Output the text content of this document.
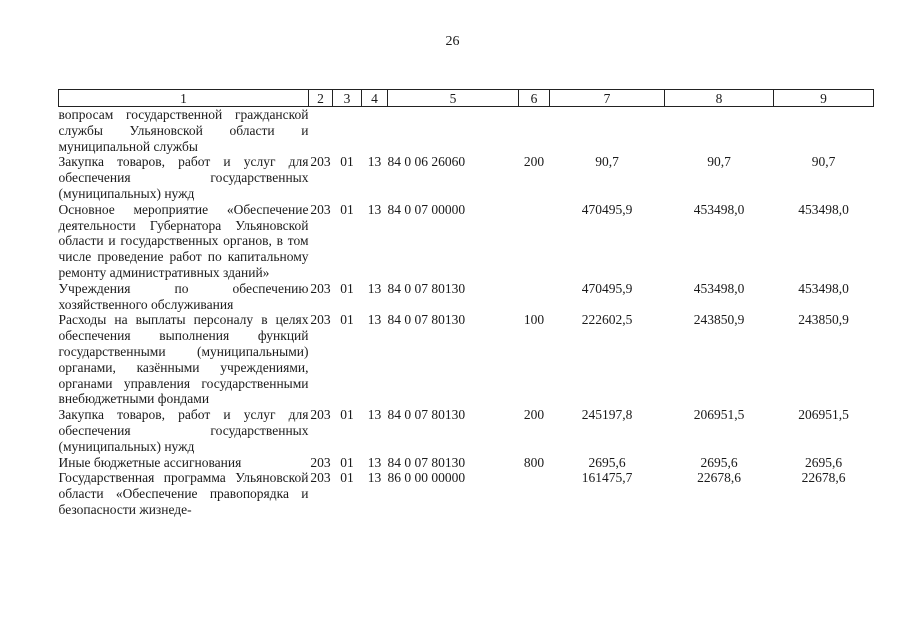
26
1	2	3	4	5	6	7	8	9
вопросам государственной гражданской службы Ульяновской области и муниципальной службы								
Закупка товаров, работ и услуг для обеспечения государственных (муниципальных) нужд	203	01	13	84 0 06 26060	200	90,7	90,7	90,7
Основное мероприятие «Обеспечение деятельности Губернатора Ульяновской области и государственных органов, в том числе проведение работ по капитальному ремонту административных зданий»	203	01	13	84 0 07 00000		470495,9	453498,0	453498,0
Учреждения по обеспечению хозяйственного обслуживания	203	01	13	84 0 07 80130		470495,9	453498,0	453498,0
Расходы на выплаты персоналу в целях обеспечения выполнения функций государственными (муниципальными) органами, казёнными учреждениями, органами управления государственными внебюджетными фондами	203	01	13	84 0 07 80130	100	222602,5	243850,9	243850,9
Закупка товаров, работ и услуг для обеспечения государственных (муниципальных) нужд	203	01	13	84 0 07 80130	200	245197,8	206951,5	206951,5
Иные бюджетные ассигнования	203	01	13	84 0 07 80130	800	2695,6	2695,6	2695,6
Государственная программа Ульяновской области «Обеспечение правопорядка и безопасности жизнеде-	203	01	13	86 0 00 00000		161475,7	22678,6	22678,6
